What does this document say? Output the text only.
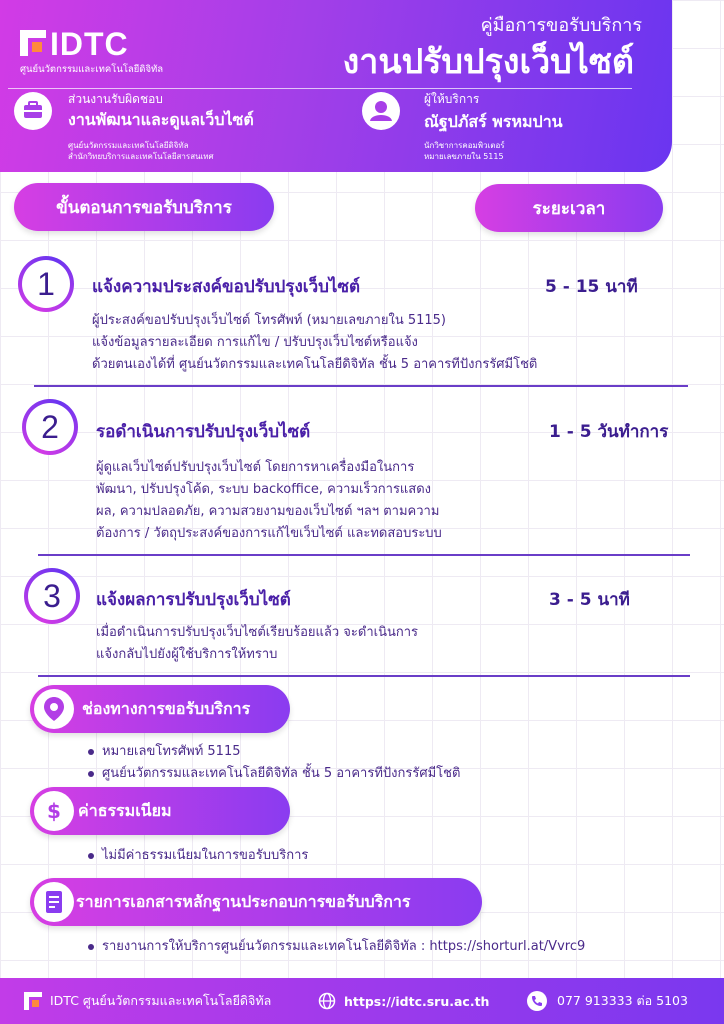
IDTC
ศูนย์นวัตกรรมและเทคโนโลยีดิจิทัล
คู่มือการขอรับบริการ
งานปรับปรุงเว็บไซต์
ส่วนงานรับผิดชอบ
งานพัฒนาและดูแลเว็บไซต์
ศูนย์นวัตกรรมและเทคโนโลยีดิจิทัล
สำนักวิทยบริการและเทคโนโลยีสารสนเทศ
ผู้ให้บริการ
ณัฐปภัสร์ พรหมปาน
นักวิชาการคอมพิวเตอร์
หมายเลขภายใน 5115
ขั้นตอนการขอรับบริการ	ระยะเวลา
1	แจ้งความประสงค์ขอปรับปรุงเว็บไซต์	5 - 15 นาที
ผู้ประสงค์ขอปรับปรุงเว็บไซต์ โทรศัพท์ (หมายเลขภายใน 5115)
แจ้งข้อมูลรายละเอียด การแก้ไข / ปรับปรุงเว็บไซต์หรือแจ้ง
ด้วยตนเองได้ที่ ศูนย์นวัตกรรมและเทคโนโลยีดิจิทัล ชั้น 5 อาคารทีปังกรรัศมีโชติ
2	รอดำเนินการปรับปรุงเว็บไซต์	1 - 5 วันทำการ
ผู้ดูแลเว็บไซต์ปรับปรุงเว็บไซต์ โดยการหาเครื่องมือในการ
พัฒนา, ปรับปรุงโค้ด, ระบบ backoffice, ความเร็วการแสดง
ผล, ความปลอดภัย, ความสวยงามของเว็บไซต์ ฯลฯ ตามความ
ต้องการ / วัตถุประสงค์ของการแก้ไขเว็บไซต์ และทดสอบระบบ
3	แจ้งผลการปรับปรุงเว็บไซต์	3 - 5 นาที
เมื่อดำเนินการปรับปรุงเว็บไซต์เรียบร้อยแล้ว จะดำเนินการ
แจ้งกลับไปยังผู้ใช้บริการให้ทราบ
ช่องทางการขอรับบริการ
หมายเลขโทรศัพท์ 5115
ศูนย์นวัตกรรมและเทคโนโลยีดิจิทัล ชั้น 5 อาคารทีปังกรรัศมีโชติ
$ ค่าธรรมเนียม
ไม่มีค่าธรรมเนียมในการขอรับบริการ
รายการเอกสารหลักฐานประกอบการขอรับบริการ
รายงานการให้บริการศูนย์นวัตกรรมและเทคโนโลยีดิจิทัล : https://shorturl.at/Vvrc9
IDTC ศูนย์นวัตกรรมและเทคโนโลยีดิจิทัล	https://idtc.sru.ac.th	077 913333 ต่อ 5103
